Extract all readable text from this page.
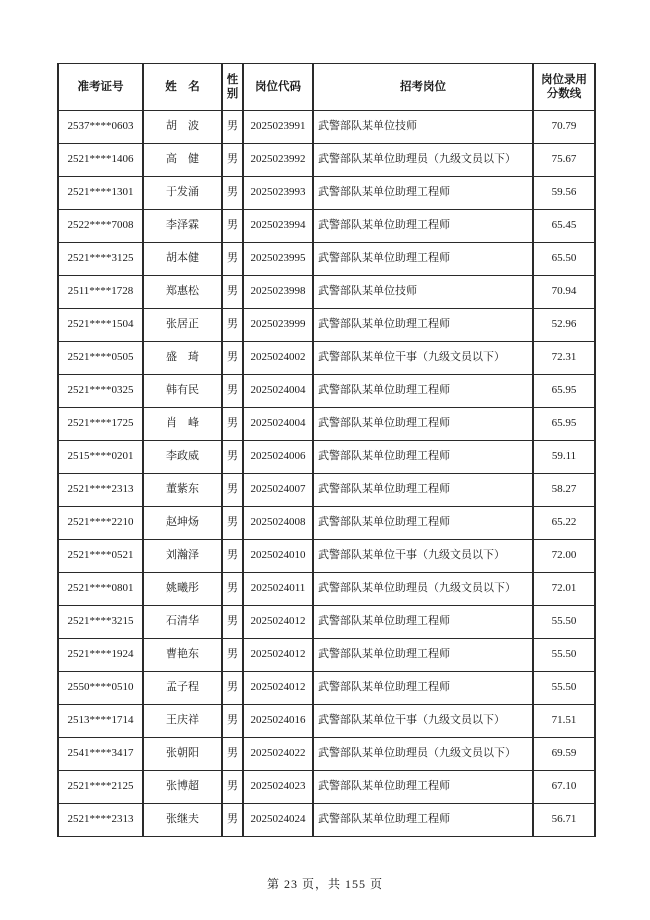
准考证号	姓　名	性别	岗位代码	招考岗位	岗位录用分数线
2537****0603	胡　波	男	2025023991	武警部队某单位技师	70.79
2521****1406	高　健	男	2025023992	武警部队某单位助理员（九级文员以下）	75.67
2521****1301	于发涌	男	2025023993	武警部队某单位助理工程师	59.56
2522****7008	李泽霖	男	2025023994	武警部队某单位助理工程师	65.45
2521****3125	胡本健	男	2025023995	武警部队某单位助理工程师	65.50
2511****1728	郑惠松	男	2025023998	武警部队某单位技师	70.94
2521****1504	张居正	男	2025023999	武警部队某单位助理工程师	52.96
2521****0505	盛　琦	男	2025024002	武警部队某单位干事（九级文员以下）	72.31
2521****0325	韩有民	男	2025024004	武警部队某单位助理工程师	65.95
2521****1725	肖　峰	男	2025024004	武警部队某单位助理工程师	65.95
2515****0201	李政威	男	2025024006	武警部队某单位助理工程师	59.11
2521****2313	董紫东	男	2025024007	武警部队某单位助理工程师	58.27
2521****2210	赵坤炀	男	2025024008	武警部队某单位助理工程师	65.22
2521****0521	刘瀚泽	男	2025024010	武警部队某单位干事（九级文员以下）	72.00
2521****0801	姚曦彤	男	2025024011	武警部队某单位助理员（九级文员以下）	72.01
2521****3215	石清华	男	2025024012	武警部队某单位助理工程师	55.50
2521****1924	曹艳东	男	2025024012	武警部队某单位助理工程师	55.50
2550****0510	孟子程	男	2025024012	武警部队某单位助理工程师	55.50
2513****1714	王庆祥	男	2025024016	武警部队某单位干事（九级文员以下）	71.51
2541****3417	张朝阳	男	2025024022	武警部队某单位助理员（九级文员以下）	69.59
2521****2125	张博超	男	2025024023	武警部队某单位助理工程师	67.10
2521****2313	张继夫	男	2025024024	武警部队某单位助理工程师	56.71
第 23 页，共 155 页
